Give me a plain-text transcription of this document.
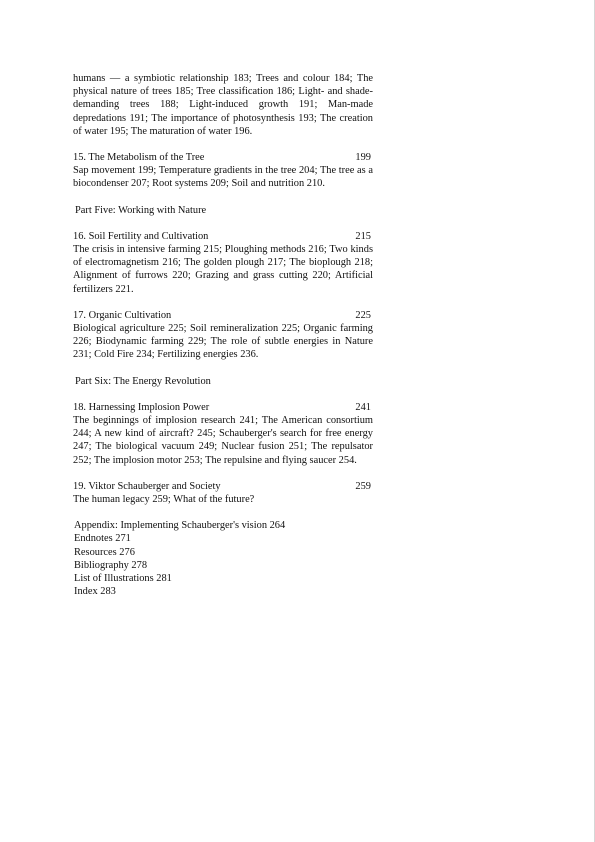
humans — a symbiotic relationship 183; Trees and colour 184; The physical nature of trees 185; Tree classification 186; Light- and shade-demanding trees 188; Light-induced growth 191; Man-made depredations 191; The importance of photosynthesis 193; The creation of water 195; The maturation of water 196.

15. The Metabolism of the Tree	199

Sap movement 199; Temperature gradients in the tree 204; The tree as a biocondenser 207; Root systems 209; Soil and nutrition 210.

Part Five: Working with Nature
16. Soil Fertility and Cultivation	215

The crisis in intensive farming 215; Ploughing methods 216; Two kinds of electromagnetism 216; The golden plough 217; The bioplough 218; Alignment of furrows 220; Grazing and grass cutting 220; Artificial fertilizers 221.

17. Organic Cultivation	225

Biological agriculture 225; Soil remineralization 225; Organic farming 226; Biodynamic farming 229; The role of subtle energies in Nature 231; Cold Fire 234; Fertilizing energies 236.

Part Six: The Energy Revolution
18. Harnessing Implosion Power	241

The beginnings of implosion research 241; The American consortium 244; A new kind of aircraft? 245; Schauberger's search for free energy 247; The biological vacuum 249; Nuclear fusion 251; The repulsator 252; The implosion motor 253; The repulsine and flying saucer 254.

19. Viktor Schauberger and Society	259

The human legacy 259; What of the future?

Appendix: Implementing Schauberger's vision 264
Endnotes 271
Resources 276
Bibliography 278
List of Illustrations 281
Index 283
